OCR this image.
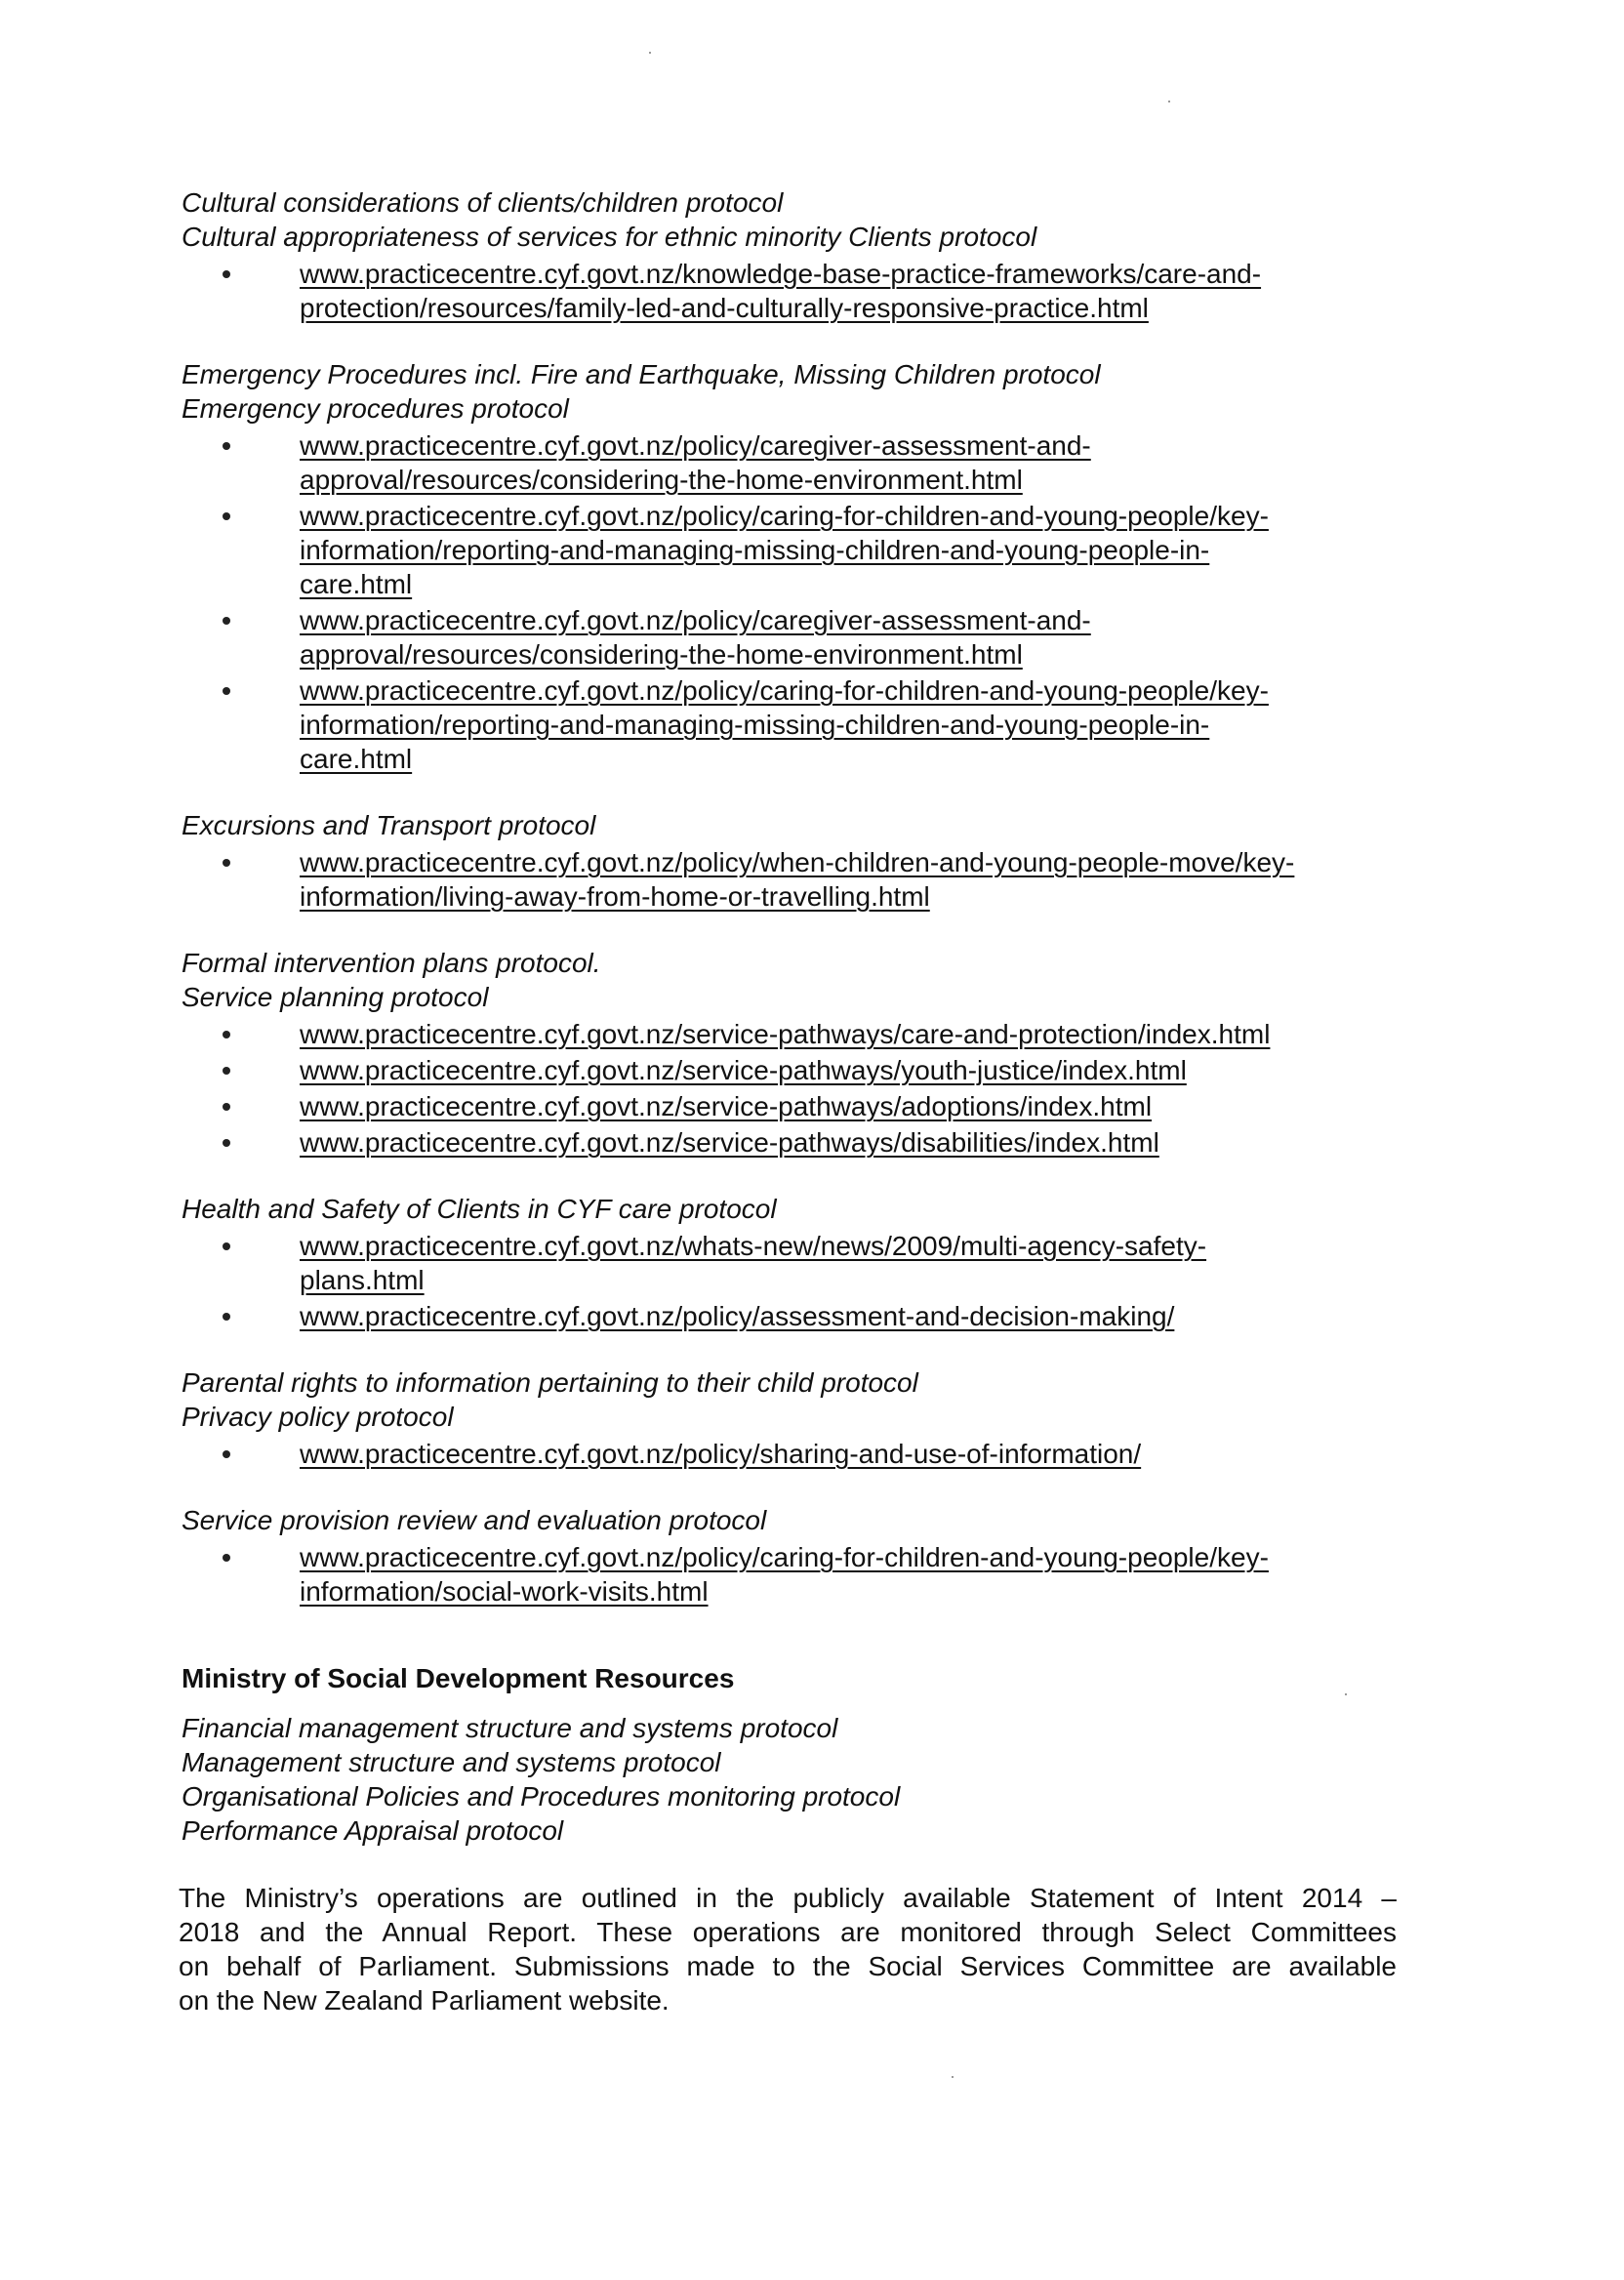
Cultural considerations of clients/children protocol
Cultural appropriateness of services for ethnic minority Clients protocol
www.practicecentre.cyf.govt.nz/knowledge-base-practice-frameworks/care-and-
protection/resources/family-led-and-culturally-responsive-practice.html
Emergency Procedures incl. Fire and Earthquake, Missing Children protocol
Emergency procedures protocol
www.practicecentre.cyf.govt.nz/policy/caregiver-assessment-and-
approval/resources/considering-the-home-environment.html
www.practicecentre.cyf.govt.nz/policy/caring-for-children-and-young-people/key-
information/reporting-and-managing-missing-children-and-young-people-in-
care.html
www.practicecentre.cyf.govt.nz/policy/caregiver-assessment-and-
approval/resources/considering-the-home-environment.html
www.practicecentre.cyf.govt.nz/policy/caring-for-children-and-young-people/key-
information/reporting-and-managing-missing-children-and-young-people-in-
care.html
Excursions and Transport protocol
www.practicecentre.cyf.govt.nz/policy/when-children-and-young-people-move/key-
information/living-away-from-home-or-travelling.html
Formal intervention plans protocol.
Service planning protocol
www.practicecentre.cyf.govt.nz/service-pathways/care-and-protection/index.html
www.practicecentre.cyf.govt.nz/service-pathways/youth-justice/index.html
www.practicecentre.cyf.govt.nz/service-pathways/adoptions/index.html
www.practicecentre.cyf.govt.nz/service-pathways/disabilities/index.html
Health and Safety of Clients in CYF care protocol
www.practicecentre.cyf.govt.nz/whats-new/news/2009/multi-agency-safety-
plans.html
www.practicecentre.cyf.govt.nz/policy/assessment-and-decision-making/
Parental rights to information pertaining to their child protocol
Privacy policy protocol
www.practicecentre.cyf.govt.nz/policy/sharing-and-use-of-information/
Service provision review and evaluation protocol
www.practicecentre.cyf.govt.nz/policy/caring-for-children-and-young-people/key-
information/social-work-visits.html
Ministry of Social Development Resources
Financial management structure and systems protocol
Management structure and systems protocol
Organisational Policies and Procedures monitoring protocol
Performance Appraisal protocol
The Ministry’s operations are outlined in the publicly available Statement of Intent 2014 –
2018 and the Annual Report. These operations are monitored through Select Committees
on behalf of Parliament. Submissions made to the Social Services Committee are available
on the New Zealand Parliament website.
